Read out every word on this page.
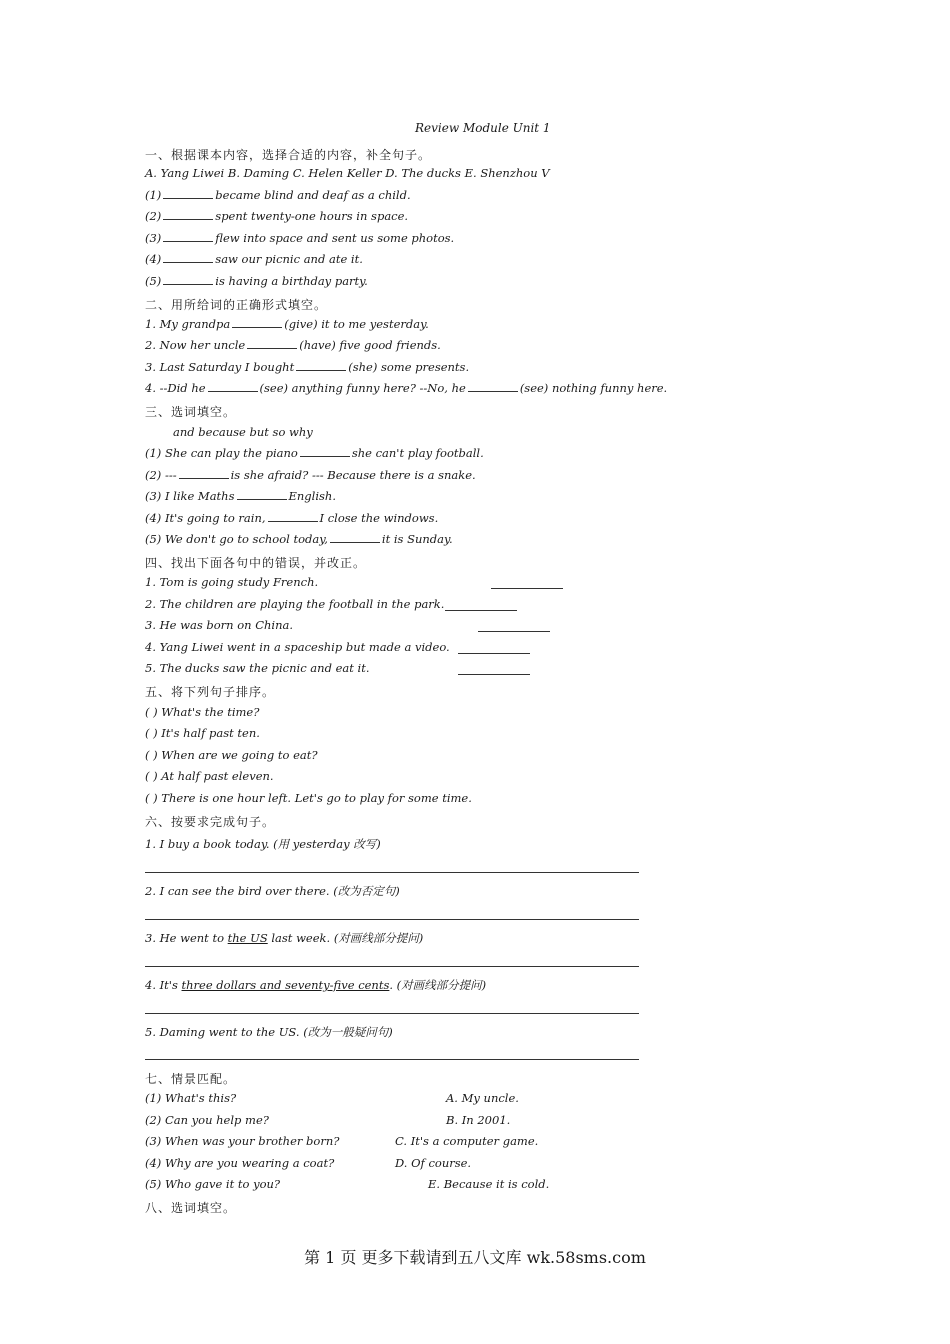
Review Module Unit 1
一、根据课本内容，选择合适的内容，补全句子。
A. Yang Liwei B. Daming C. Helen Keller D. The ducks E. Shenzhou V
(1)	became blind and deaf as a child.
(2)	spent twenty-one hours in space.
(3)	flew into space and sent us some photos.
(4)	saw our picnic and ate it.
(5)	is having a birthday party.
二、用所给词的正确形式填空。
1. My grandpa	(give) it to me yesterday.
2. Now her uncle	(have) five good friends.
3. Last Saturday I bought	(she) some presents.
4. --Did he	(see) anything funny here? --No, he	(see) nothing funny here.
三、选词填空。
and because but so why
(1) She can play the piano	she can't play football.
(2) ---	is she afraid? --- Because there is a snake.
(3) I like Maths	English.
(4) It's going to rain,	I close the windows.
(5) We don't go to school today,	it is Sunday.
四、找出下面各句中的错误，并改正。
1. Tom is going study French.
2. The children are playing the football in the park.
3. He was born on China.
4. Yang Liwei went in a spaceship but made a video.
5. The ducks saw the picnic and eat it.
五、将下列句子排序。
( ) What's the time?
( ) It's half past ten.
( ) When are we going to eat?
( ) At half past eleven.
( ) There is one hour left. Let's go to play for some time.
六、按要求完成句子。
1. I buy a book today. (用 yesterday 改写)
2. I can see the bird over there. (改为否定句)
3. He went to the US last week. (对画线部分提问)
4. It's three dollars and seventy-five cents. (对画线部分提问)
5. Daming went to the US. (改为一般疑问句)
七、情景匹配。
(1) What's this?	A. My uncle.
(2) Can you help me?	B. In 2001.
(3) When was your brother born?	C. It's a computer game.
(4) Why are you wearing a coat?	D. Of course.
(5) Who gave it to you?	E. Because it is cold.
八、选词填空。
第 1 页 更多下载请到五八文库 wk.58sms.com
